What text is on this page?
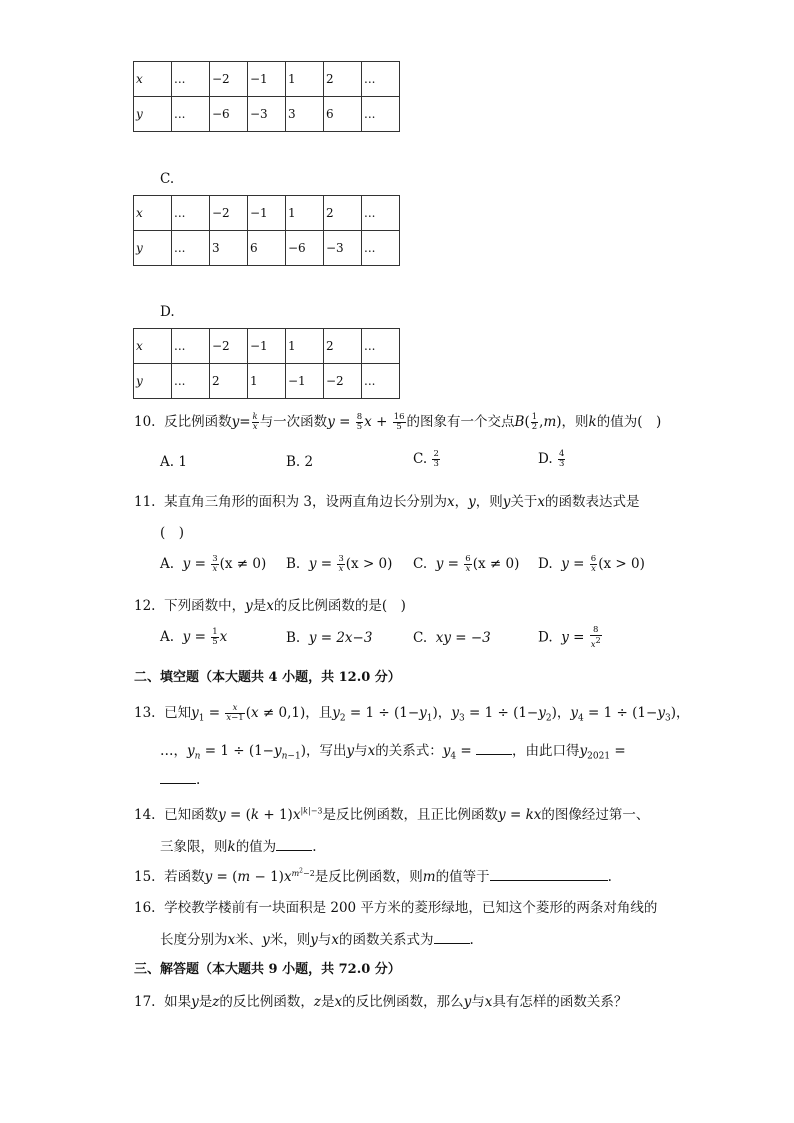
x	...	−2	−1	1	2	...
y	...	−6	−3	3	6	...
C.
x	...	−2	−1	1	2	...
y	...	3	6	−6	−3	...
D.
x	...	−2	−1	1	2	...
y	...	2	1	−1	−2	...
10. 反比例函数$y= \frac{k}{x}$ 与一次函数$y = \frac{8}{5}$ $x + \frac{16}{5}$ 的图象有一个交点$B( \frac{1}{2} ,m)$，则k的值为(　)
A. 1	B. 2	C. $\frac{2}{3}$	D. $\frac{4}{3}$
11. 某直角三角形的面积为 3，设两直角边长分别为x，y，则y关于x的函数表达式是
(　)
A. $y = \frac{3}{x} (x \ne 0)$ B. $y = \frac{3}{x} (x > 0)$ C. $y = \frac{6}{x} (x \ne 0)$ D. $y = \frac{6}{x} (x > 0)$
12. 下列函数中，y是x的反比例函数的是(　)
A. $y = \frac{1}{5}$ x	B. y = 2x−3	C. xy = −3	D. $y = \frac{8}{x^2}$
二、填空题（本大题共 4 小题，共 12.0 分）
13. 已知$y_1 = \frac{x}{x-1} (x \ne 0,1)$，且$y_2 = 1 \div (1-y_1)$，$y_3 = 1 \div (1-y_2)$，$y_4 = 1 \div (1-y_3)$，
…，$y_n = 1 \div (1-y_{n-1})$，写出y与x的关系式：$y_4$ =	，由此口得$y_{2021}$ =
.
14. 已知函数$y = (k + 1)x^{|k|-3}$是反比例函数，且正比例函数y = kx的图像经过第一、
三象限，则k的值为	.
15. 若函数$y = (m - 1)x^{m^2-2}$是反比例函数，则m的值等于	.
16. 学校教学楼前有一块面积是 200 平方米的菱形绿地，已知这个菱形的两条对角线的
长度分别为x米、y米，则y与x的函数关系式为	.
三、解答题（本大题共 9 小题，共 72.0 分）
17. 如果y是z的反比例函数，z是x的反比例函数，那么y与x具有怎样的函数关系？
